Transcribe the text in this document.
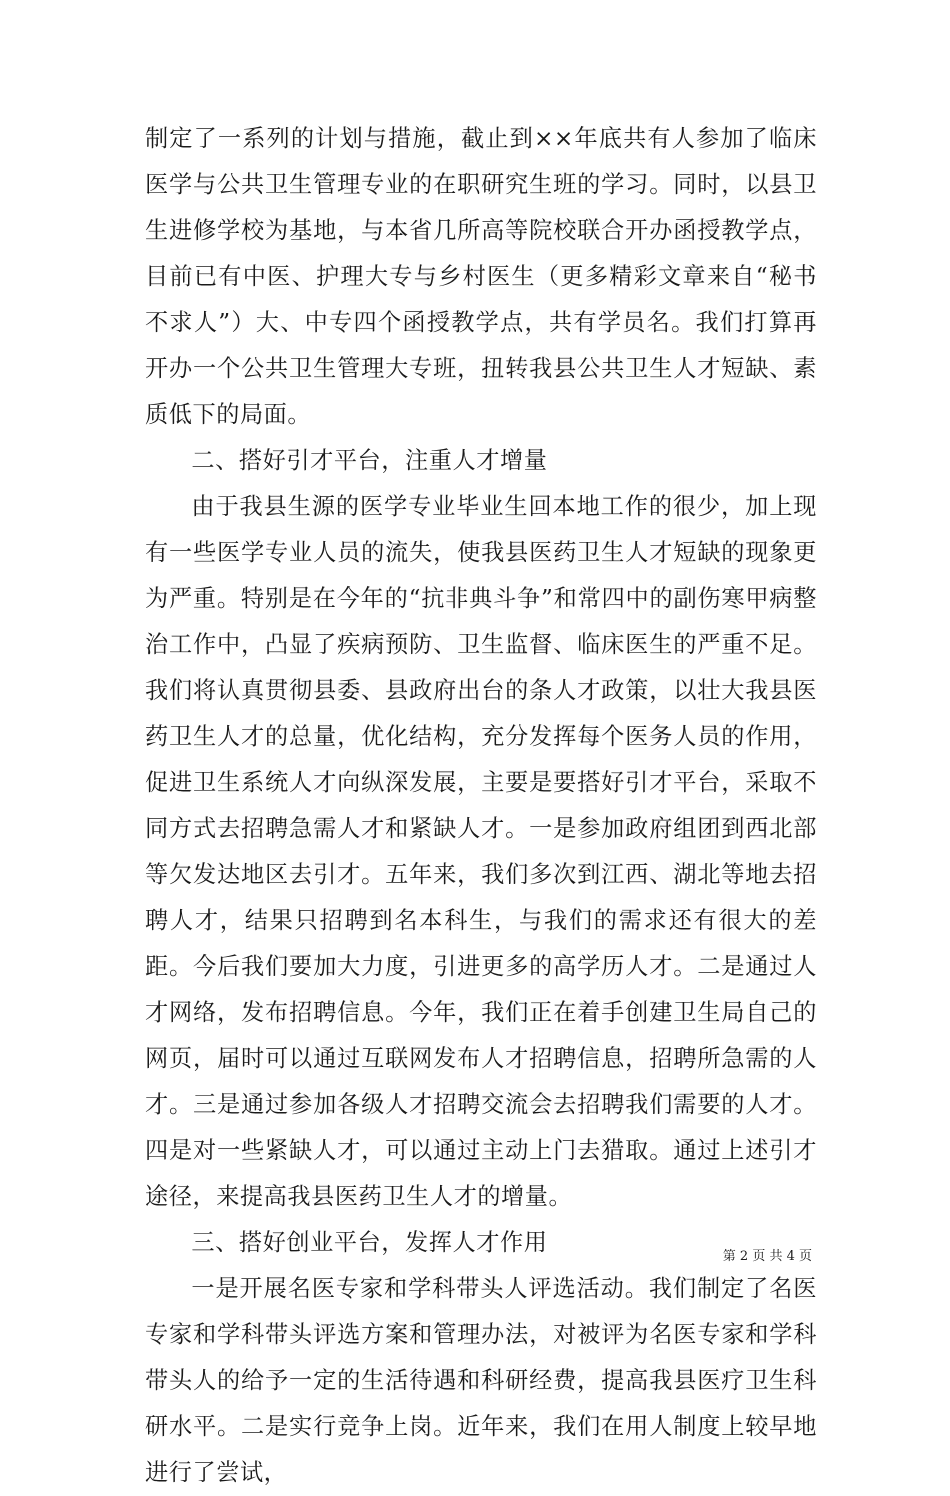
制定了一系列的计划与措施，截止到××年底共有人参加了临床医学与公共卫生管理专业的在职研究生班的学习。同时，以县卫生进修学校为基地，与本省几所高等院校联合开办函授教学点，目前已有中医、护理大专与乡村医生（更多精彩文章来自“秘书不求人”）大、中专四个函授教学点，共有学员名。我们打算再开办一个公共卫生管理大专班，扭转我县公共卫生人才短缺、素质低下的局面。

二、搭好引才平台，注重人才增量

由于我县生源的医学专业毕业生回本地工作的很少，加上现有一些医学专业人员的流失，使我县医药卫生人才短缺的现象更为严重。特别是在今年的“抗非典斗争”和常四中的副伤寒甲病整治工作中，凸显了疾病预防、卫生监督、临床医生的严重不足。我们将认真贯彻县委、县政府出台的条人才政策，以壮大我县医药卫生人才的总量，优化结构，充分发挥每个医务人员的作用，促进卫生系统人才向纵深发展，主要是要搭好引才平台，采取不同方式去招聘急需人才和紧缺人才。一是参加政府组团到西北部等欠发达地区去引才。五年来，我们多次到江西、湖北等地去招聘人才，结果只招聘到名本科生，与我们的需求还有很大的差距。今后我们要加大力度，引进更多的高学历人才。二是通过人才网络，发布招聘信息。今年，我们正在着手创建卫生局自己的网页，届时可以通过互联网发布人才招聘信息，招聘所急需的人才。三是通过参加各级人才招聘交流会去招聘我们需要的人才。四是对一些紧缺人才，可以通过主动上门去猎取。通过上述引才途径，来提高我县医药卫生人才的增量。

三、搭好创业平台，发挥人才作用

一是开展名医专家和学科带头人评选活动。我们制定了名医专家和学科带头评选方案和管理办法，对被评为名医专家和学科带头人的给予一定的生活待遇和科研经费，提高我县医疗卫生科研水平。二是实行竞争上岗。近年来，我们在用人制度上较早地进行了尝试，

第 2 页 共 4 页
